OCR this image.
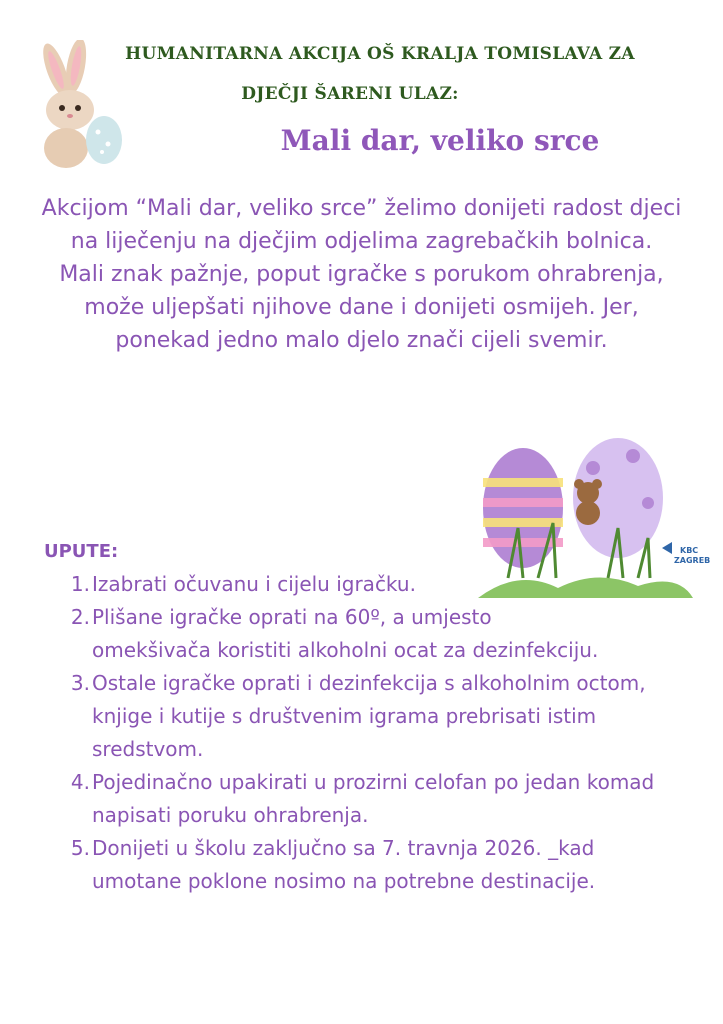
HUMANITARNA AKCIJA OŠ KRALJA TOMISLAVA ZA
DJEČJI ŠARENI ULAZ:
Mali dar, veliko srce

Akcijom “Mali dar, veliko srce” želimo donijeti radost djeci na liječenju na dječjim odjelima zagrebačkih bolnica.

Mali znak pažnje, poput igračke s porukom ohrabrenja, može uljepšati njihove dane i donijeti osmijeh. Jer, ponekad jedno malo djelo znači cijeli svemir.

KBC
ZAGREB
UPUTE:
1. Izabrati očuvanu i cijelu igračku.
2. Plišane igračke oprati na 60º, a umjesto omekšivača koristiti alkoholni ocat za dezinfekciju.
3. Ostale igračke oprati i dezinfekcija s alkoholnim octom, knjige i kutije s društvenim igrama prebrisati istim sredstvom.
4. Pojedinačno upakirati u prozirni celofan po jedan komad napisati poruku ohrabrenja.
5. Donijeti u školu zaključno sa 7. travnja 2026. _kad umotane poklone nosimo na potrebne destinacije.
